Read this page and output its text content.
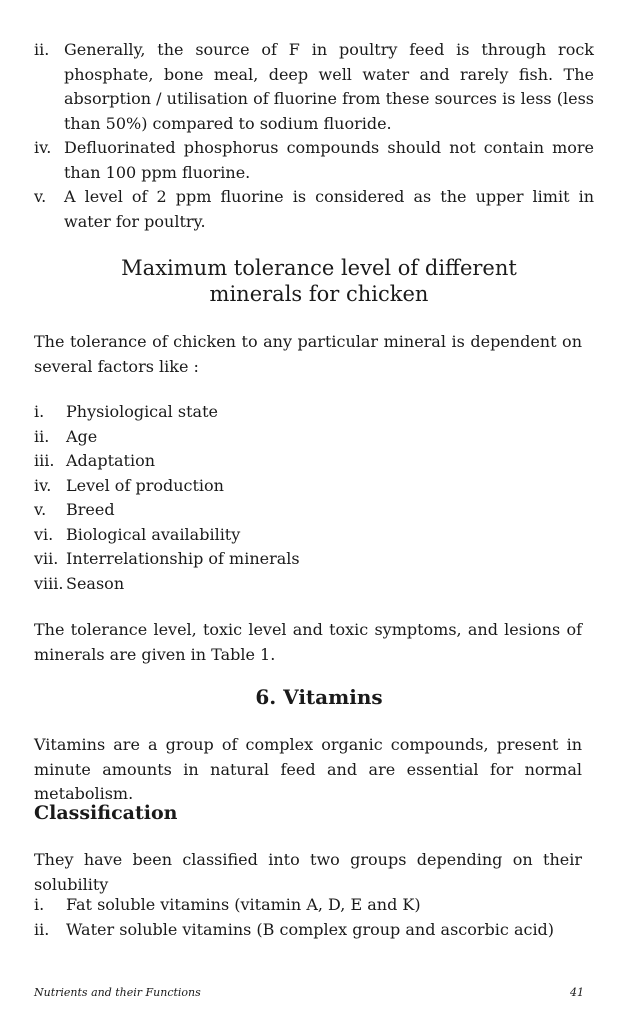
ii. Generally, the source of F in poultry feed is through rock phosphate, bone meal, deep well water and rarely fish. The absorption / utilisation of fluorine from these sources is less (less than 50%) compared to sodium fluoride.
iv. Defluorinated phosphorus compounds should not contain more than 100 ppm fluorine.
v.	A level of 2 ppm fluorine is considered as the upper limit in water for poultry.
Maximum tolerance level of different
minerals for chicken
The tolerance of chicken to any particular mineral is dependent on several factors like :
i.	Physiological state
ii.	Age
iii. Adaptation
iv. Level of production
v.	Breed
vi. Biological availability
vii. Interrelationship of minerals
viii. Season
The tolerance level, toxic level and toxic symptoms, and lesions of minerals are given in Table 1.
6. Vitamins
Vitamins are a group of complex organic compounds, present in minute amounts in natural feed and are essential for normal metabolism.
Classification
They have been classified into two groups depending on their solubility
i.	Fat soluble vitamins (vitamin A, D, E and K)
ii.	Water soluble vitamins (B complex group and ascorbic acid)
Nutrients and their Functions	41
